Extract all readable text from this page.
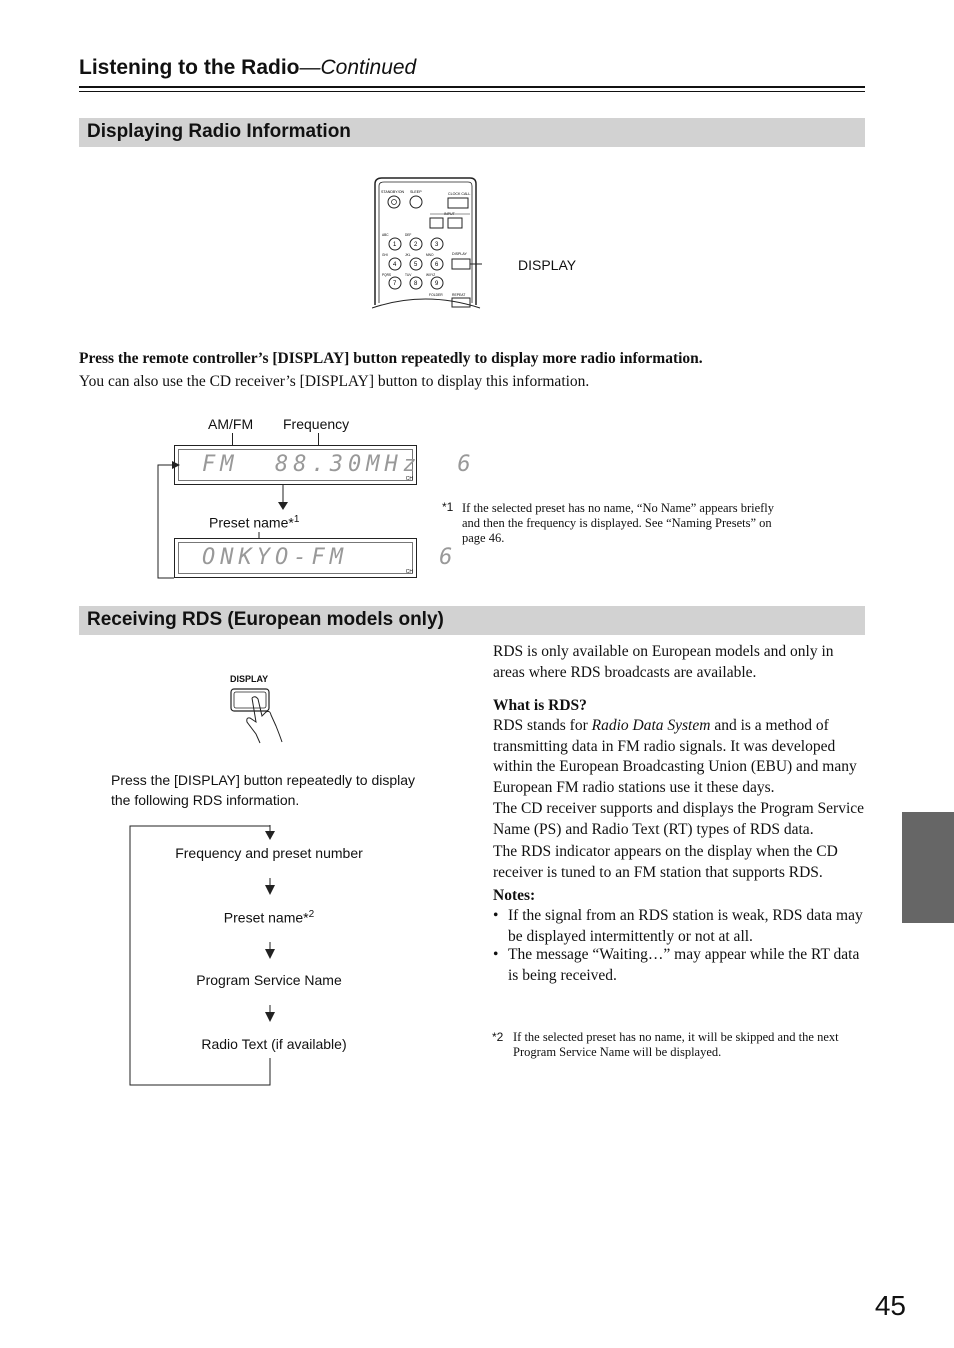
Listening to the Radio—Continued
Displaying Radio Information
STANDBY/ON SLEEP	CLOCK CALL
INPUT
ABC	DEF
1	2	3
DISPLAY
GHI	JKL	MNO
4	5	6
PQRS	TUV	WXYZ
7	8	9
FOLDER	REPEAT
DISPLAY
Press the remote controller’s [DISPLAY] button repeatedly to display more radio information.
You can also use the CD receiver’s [DISPLAY] button to display this information.
AM/FM Frequency
FM  88.30MHz  6
CH
Preset name*$^1$
ONKYO-FM     6
CH
*1 If the selected preset has no name, “No Name” appears briefly and then the frequency is displayed. See “Naming Presets” on page 46.
Receiving RDS (European models only)
DISPLAY
Press the [DISPLAY] button repeatedly to display the following RDS information.
Frequency and preset number
Preset name*$^2$
Program Service Name
Radio Text (if available)
RDS is only available on European models and only in areas where RDS broadcasts are available.
What is RDS?
RDS stands for Radio Data System and is a method of transmitting data in FM radio signals. It was developed within the European Broadcasting Union (EBU) and many European FM radio stations use it these days.
The CD receiver supports and displays the Program Service Name (PS) and Radio Text (RT) types of RDS data.
The RDS indicator appears on the display when the CD receiver is tuned to an FM station that supports RDS.
Notes:
• If the signal from an RDS station is weak, RDS data may be displayed intermittently or not at all.
• The message “Waiting…” may appear while the RT data is being received.
*2 If the selected preset has no name, it will be skipped and the next Program Service Name will be displayed.
45
